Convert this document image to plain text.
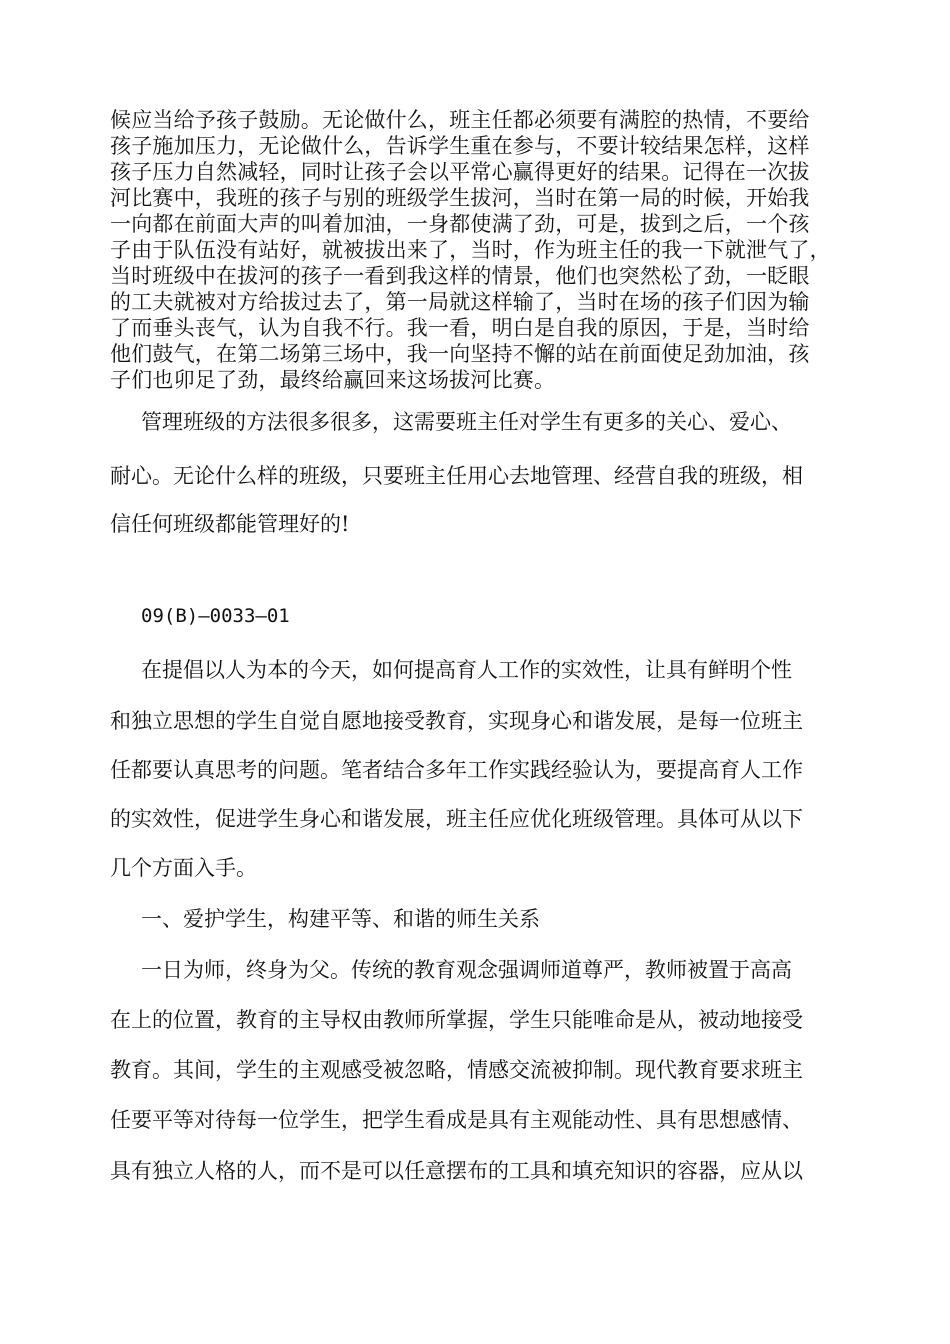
候应当给予孩子鼓励。无论做什么，班主任都必须要有满腔的热情，不要给
孩子施加压力，无论做什么，告诉学生重在参与，不要计较结果怎样，这样
孩子压力自然减轻，同时让孩子会以平常心赢得更好的结果。记得在一次拔
河比赛中，我班的孩子与别的班级学生拔河，当时在第一局的时候，开始我
一向都在前面大声的叫着加油，一身都使满了劲，可是，拔到之后，一个孩
子由于队伍没有站好，就被拔出来了，当时，作为班主任的我一下就泄气了，
当时班级中在拔河的孩子一看到我这样的情景，他们也突然松了劲，一眨眼
的工夫就被对方给拔过去了，第一局就这样输了，当时在场的孩子们因为输
了而垂头丧气，认为自我不行。我一看，明白是自我的原因，于是，当时给
他们鼓气，在第二场第三场中，我一向坚持不懈的站在前面使足劲加油，孩
子们也卯足了劲，最终给赢回来这场拔河比赛。
管理班级的方法很多很多，这需要班主任对学生有更多的关心、爱心、
耐心。无论什么样的班级，只要班主任用心去地管理、经营自我的班级，相
信任何班级都能管理好的!
09(B)—0033—01
在提倡以人为本的今天，如何提高育人工作的实效性，让具有鲜明个性
和独立思想的学生自觉自愿地接受教育，实现身心和谐发展，是每一位班主
任都要认真思考的问题。笔者结合多年工作实践经验认为，要提高育人工作
的实效性，促进学生身心和谐发展，班主任应优化班级管理。具体可从以下
几个方面入手。
一、爱护学生，构建平等、和谐的师生关系
一日为师，终身为父。传统的教育观念强调师道尊严，教师被置于高高
在上的位置，教育的主导权由教师所掌握，学生只能唯命是从，被动地接受
教育。其间，学生的主观感受被忽略，情感交流被抑制。现代教育要求班主
任要平等对待每一位学生，把学生看成是具有主观能动性、具有思想感情、
具有独立人格的人，而不是可以任意摆布的工具和填充知识的容器，应从以
